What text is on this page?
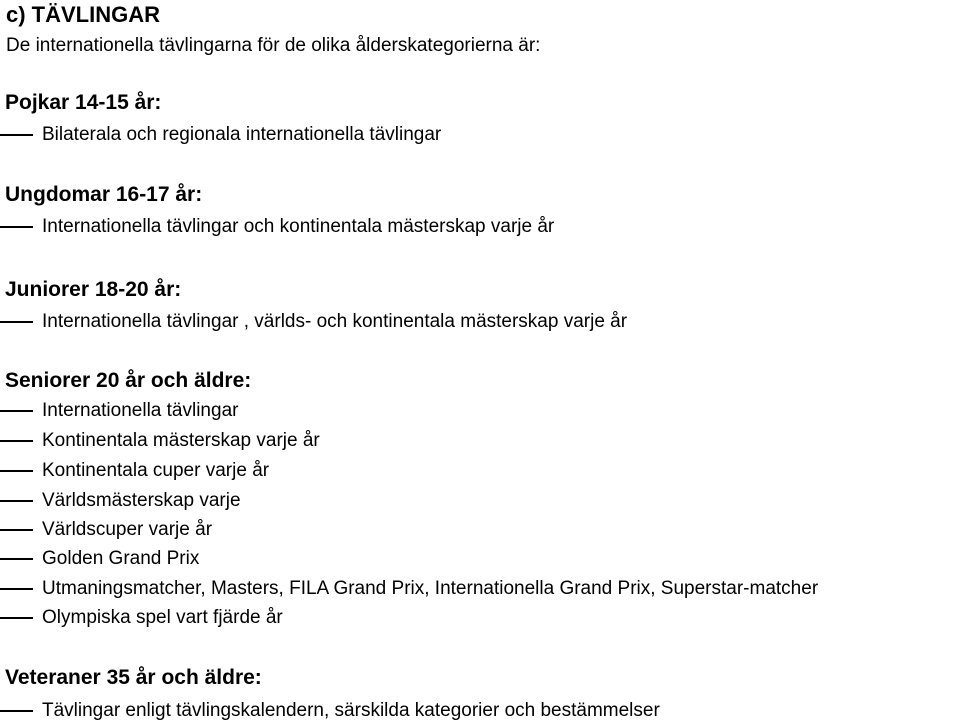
c) TÄVLINGAR
De internationella tävlingarna för de olika ålderskategorierna är:
Pojkar 14-15 år:
Bilaterala och regionala internationella tävlingar
Ungdomar 16-17 år:
Internationella tävlingar och kontinentala mästerskap varje år
Juniorer 18-20 år:
Internationella tävlingar , världs- och kontinentala mästerskap varje år
Seniorer 20 år och äldre:
Internationella tävlingar
Kontinentala mästerskap varje år
Kontinentala cuper varje år
Världsmästerskap varje
Världscuper varje år
Golden Grand Prix
Utmaningsmatcher, Masters, FILA Grand Prix, Internationella Grand Prix, Superstar-matcher
Olympiska spel vart fjärde år
Veteraner 35 år och äldre:
Tävlingar enligt tävlingskalendern, särskilda kategorier och bestämmelser
